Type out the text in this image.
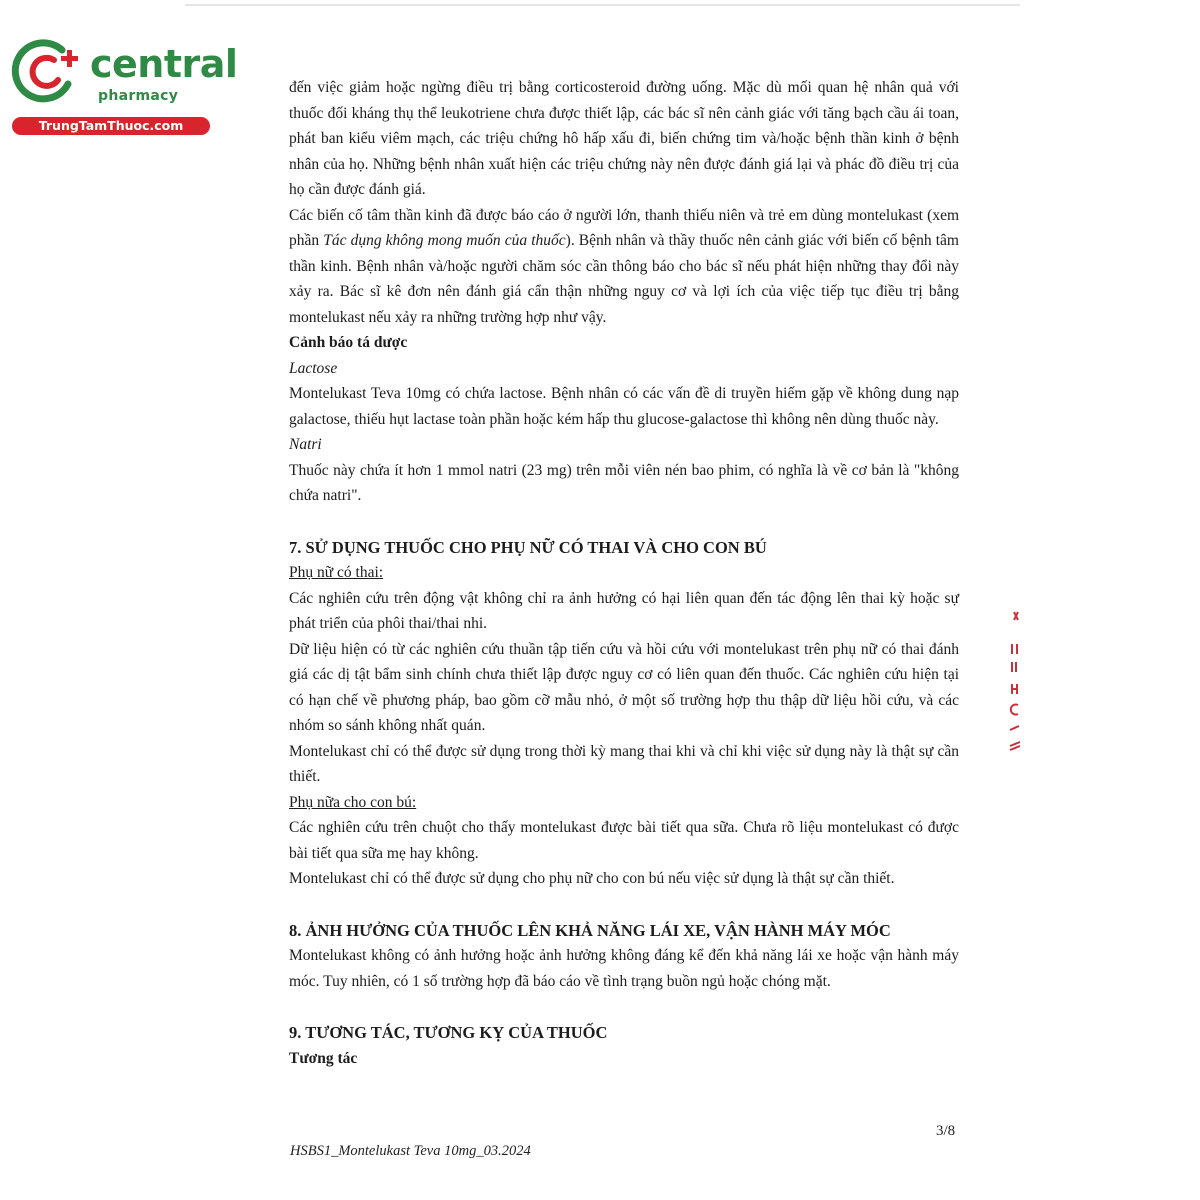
central
pharmacy
TrungTamThuoc.com

đến việc giảm hoặc ngừng điều trị bằng corticosteroid đường uống. Mặc dù mối quan hệ nhân quả với thuốc đối kháng thụ thể leukotriene chưa được thiết lập, các bác sĩ nên cảnh giác với tăng bạch cầu ái toan, phát ban kiểu viêm mạch, các triệu chứng hô hấp xấu đi, biến chứng tim và/hoặc bệnh thần kinh ở bệnh nhân của họ. Những bệnh nhân xuất hiện các triệu chứng này nên được đánh giá lại và phác đồ điều trị của họ cần được đánh giá.

Các biến cố tâm thần kinh đã được báo cáo ở người lớn, thanh thiếu niên và trẻ em dùng montelukast (xem phần Tác dụng không mong muốn của thuốc). Bệnh nhân và thầy thuốc nên cảnh giác với biến cố bệnh tâm thần kinh. Bệnh nhân và/hoặc người chăm sóc cần thông báo cho bác sĩ nếu phát hiện những thay đổi này xảy ra. Bác sĩ kê đơn nên đánh giá cẩn thận những nguy cơ và lợi ích của việc tiếp tục điều trị bằng montelukast nếu xảy ra những trường hợp như vậy.

Cảnh báo tá dược

Lactose

Montelukast Teva 10mg có chứa lactose. Bệnh nhân có các vấn đề di truyền hiếm gặp về không dung nạp galactose, thiếu hụt lactase toàn phần hoặc kém hấp thu glucose-galactose thì không nên dùng thuốc này.

Natri

Thuốc này chứa ít hơn 1 mmol natri (23 mg) trên mỗi viên nén bao phim, có nghĩa là về cơ bản là "không chứa natri".

7. SỬ DỤNG THUỐC CHO PHỤ NỮ CÓ THAI VÀ CHO CON BÚ

Phụ nữ có thai:

Các nghiên cứu trên động vật không chỉ ra ảnh hưởng có hại liên quan đến tác động lên thai kỳ hoặc sự phát triển của phôi thai/thai nhi.

Dữ liệu hiện có từ các nghiên cứu thuần tập tiến cứu và hồi cứu với montelukast trên phụ nữ có thai đánh giá các dị tật bẩm sinh chính chưa thiết lập được nguy cơ có liên quan đến thuốc. Các nghiên cứu hiện tại có hạn chế về phương pháp, bao gồm cỡ mẫu nhỏ, ở một số trường hợp thu thập dữ liệu hồi cứu, và các nhóm so sánh không nhất quán.

Montelukast chỉ có thể được sử dụng trong thời kỳ mang thai khi và chỉ khi việc sử dụng này là thật sự cần thiết.

Phụ nữa cho con bú:

Các nghiên cứu trên chuột cho thấy montelukast được bài tiết qua sữa. Chưa rõ liệu montelukast có được bài tiết qua sữa mẹ hay không.

Montelukast chỉ có thể được sử dụng cho phụ nữ cho con bú nếu việc sử dụng là thật sự cần thiết.

8. ẢNH HƯỞNG CỦA THUỐC LÊN KHẢ NĂNG LÁI XE, VẬN HÀNH MÁY MÓC

Montelukast không có ảnh hưởng hoặc ảnh hưởng không đáng kể đến khả năng lái xe hoặc vận hành máy móc. Tuy nhiên, có 1 số trường hợp đã báo cáo về tình trạng buồn ngủ hoặc chóng mặt.

9. TƯƠNG TÁC, TƯƠNG KỴ CỦA THUỐC

Tương tác

3/8
HSBS1_Montelukast Teva 10mg_03.2024
